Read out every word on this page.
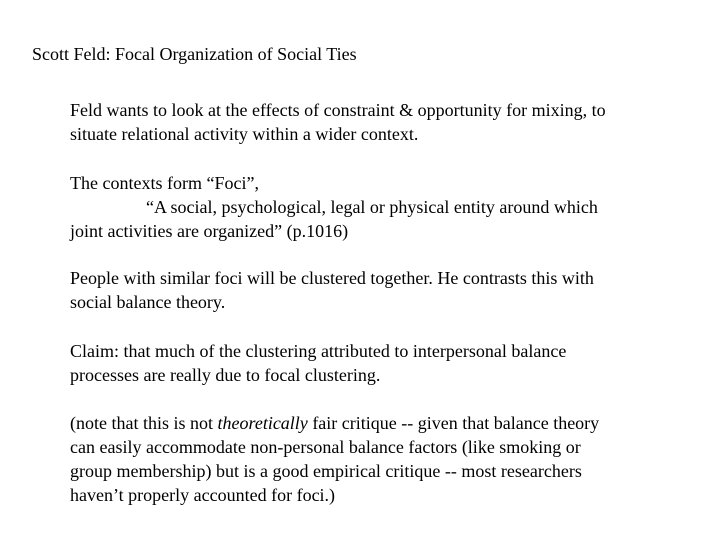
Scott Feld: Focal Organization of Social Ties
Feld wants to look at the effects of constraint & opportunity for mixing, to
situate relational activity within a wider context.
The contexts form “Foci”,
“A social, psychological, legal or physical entity around which
joint activities are organized” (p.1016)
People with similar foci will be clustered together. He contrasts this with
social balance theory.
Claim: that much of the clustering attributed to interpersonal balance
processes are really due to focal clustering.
(note that this is not theoretically fair critique -- given that balance theory
can easily accommodate non-personal balance factors (like smoking or
group membership) but is a good empirical critique -- most researchers
haven’t properly accounted for foci.)
